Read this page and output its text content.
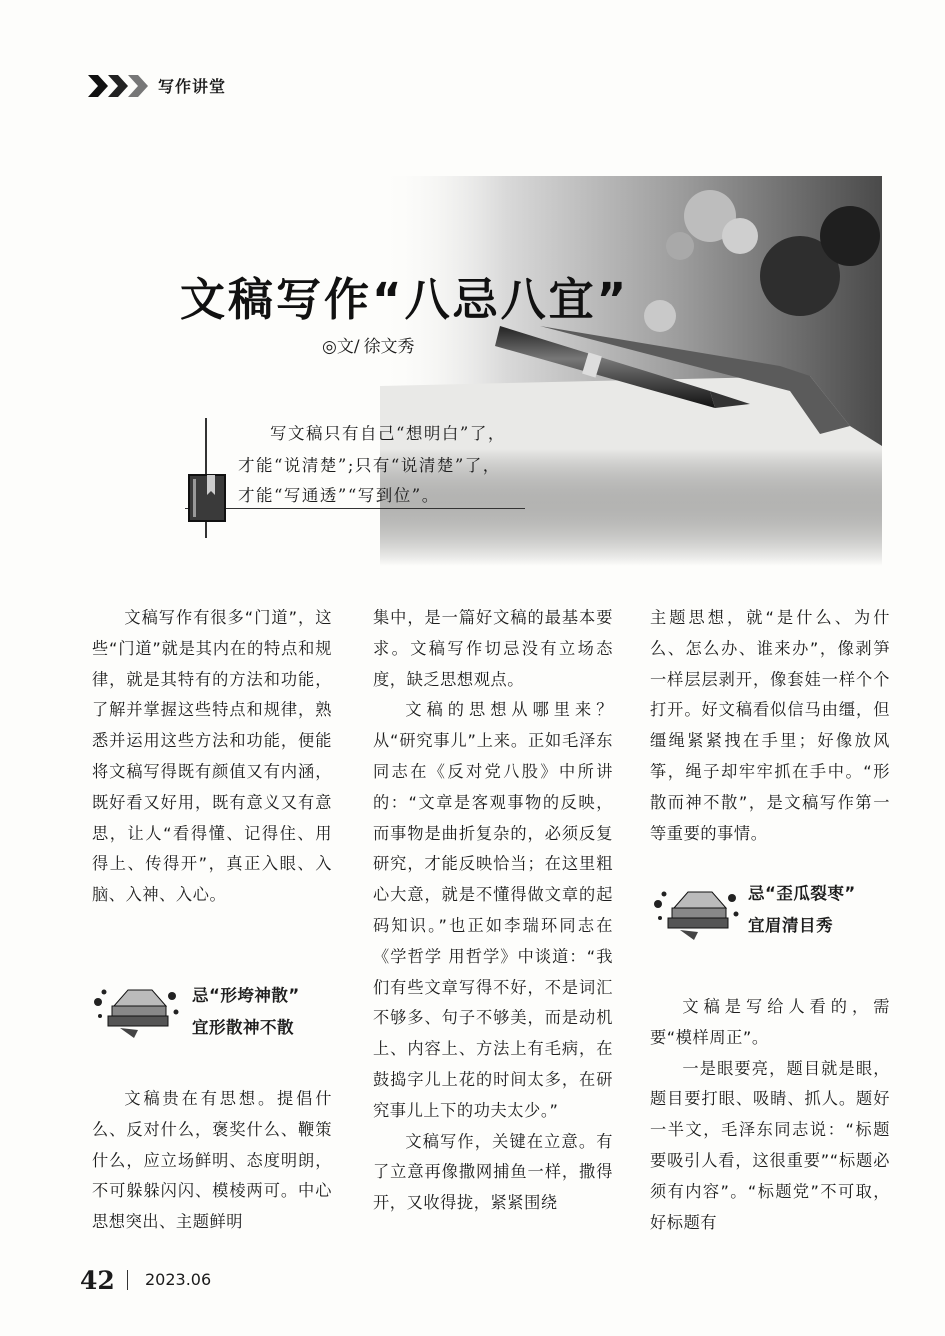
写作讲堂
文稿写作“八忌八宜”
◎文/ 徐文秀
写文稿只有自己“想明白”了，
才能“说清楚”;只有“说清楚”了，
才能“写通透”“写到位”。

文稿写作有很多“门道”，这些“门道”就是其内在的特点和规律，就是其特有的方法和功能，了解并掌握这些特点和规律，熟悉并运用这些方法和功能，便能将文稿写得既有颜值又有内涵，既好看又好用，既有意义又有意思，让人“看得懂、记得住、用得上、传得开”，真正入眼、入脑、入神、入心。

忌“形垮神散”
宜形散神不散

文稿贵在有思想。提倡什么、反对什么，褒奖什么、鞭策什么，应立场鲜明、态度明朗，不可躲躲闪闪、模棱两可。中心思想突出、主题鲜明

集中，是一篇好文稿的最基本要求。文稿写作切忌没有立场态度，缺乏思想观点。

文稿的思想从哪里来？从“研究事儿”上来。正如毛泽东同志在《反对党八股》中所讲的：“文章是客观事物的反映，而事物是曲折复杂的，必须反复研究，才能反映恰当；在这里粗心大意，就是不懂得做文章的起码知识。”也正如李瑞环同志在《学哲学 用哲学》中谈道：“我们有些文章写得不好，不是词汇不够多、句子不够美，而是动机上、内容上、方法上有毛病，在鼓捣字儿上花的时间太多，在研究事儿上下的功夫太少。”

文稿写作，关键在立意。有了立意再像撒网捕鱼一样，撒得开，又收得拢，紧紧围绕

主题思想，就“是什么、为什么、怎么办、谁来办”，像剥笋一样层层剥开，像套娃一样个个打开。好文稿看似信马由缰，但缰绳紧紧拽在手里；好像放风筝，绳子却牢牢抓在手中。“形散而神不散”，是文稿写作第一等重要的事情。

忌“歪瓜裂枣”
宜眉清目秀

文稿是写给人看的，需要“模样周正”。

一是眼要亮，题目就是眼，题目要打眼、吸睛、抓人。题好一半文，毛泽东同志说：“标题要吸引人看，这很重要”“标题必须有内容”。“标题党”不可取，好标题有

42 2023.06
